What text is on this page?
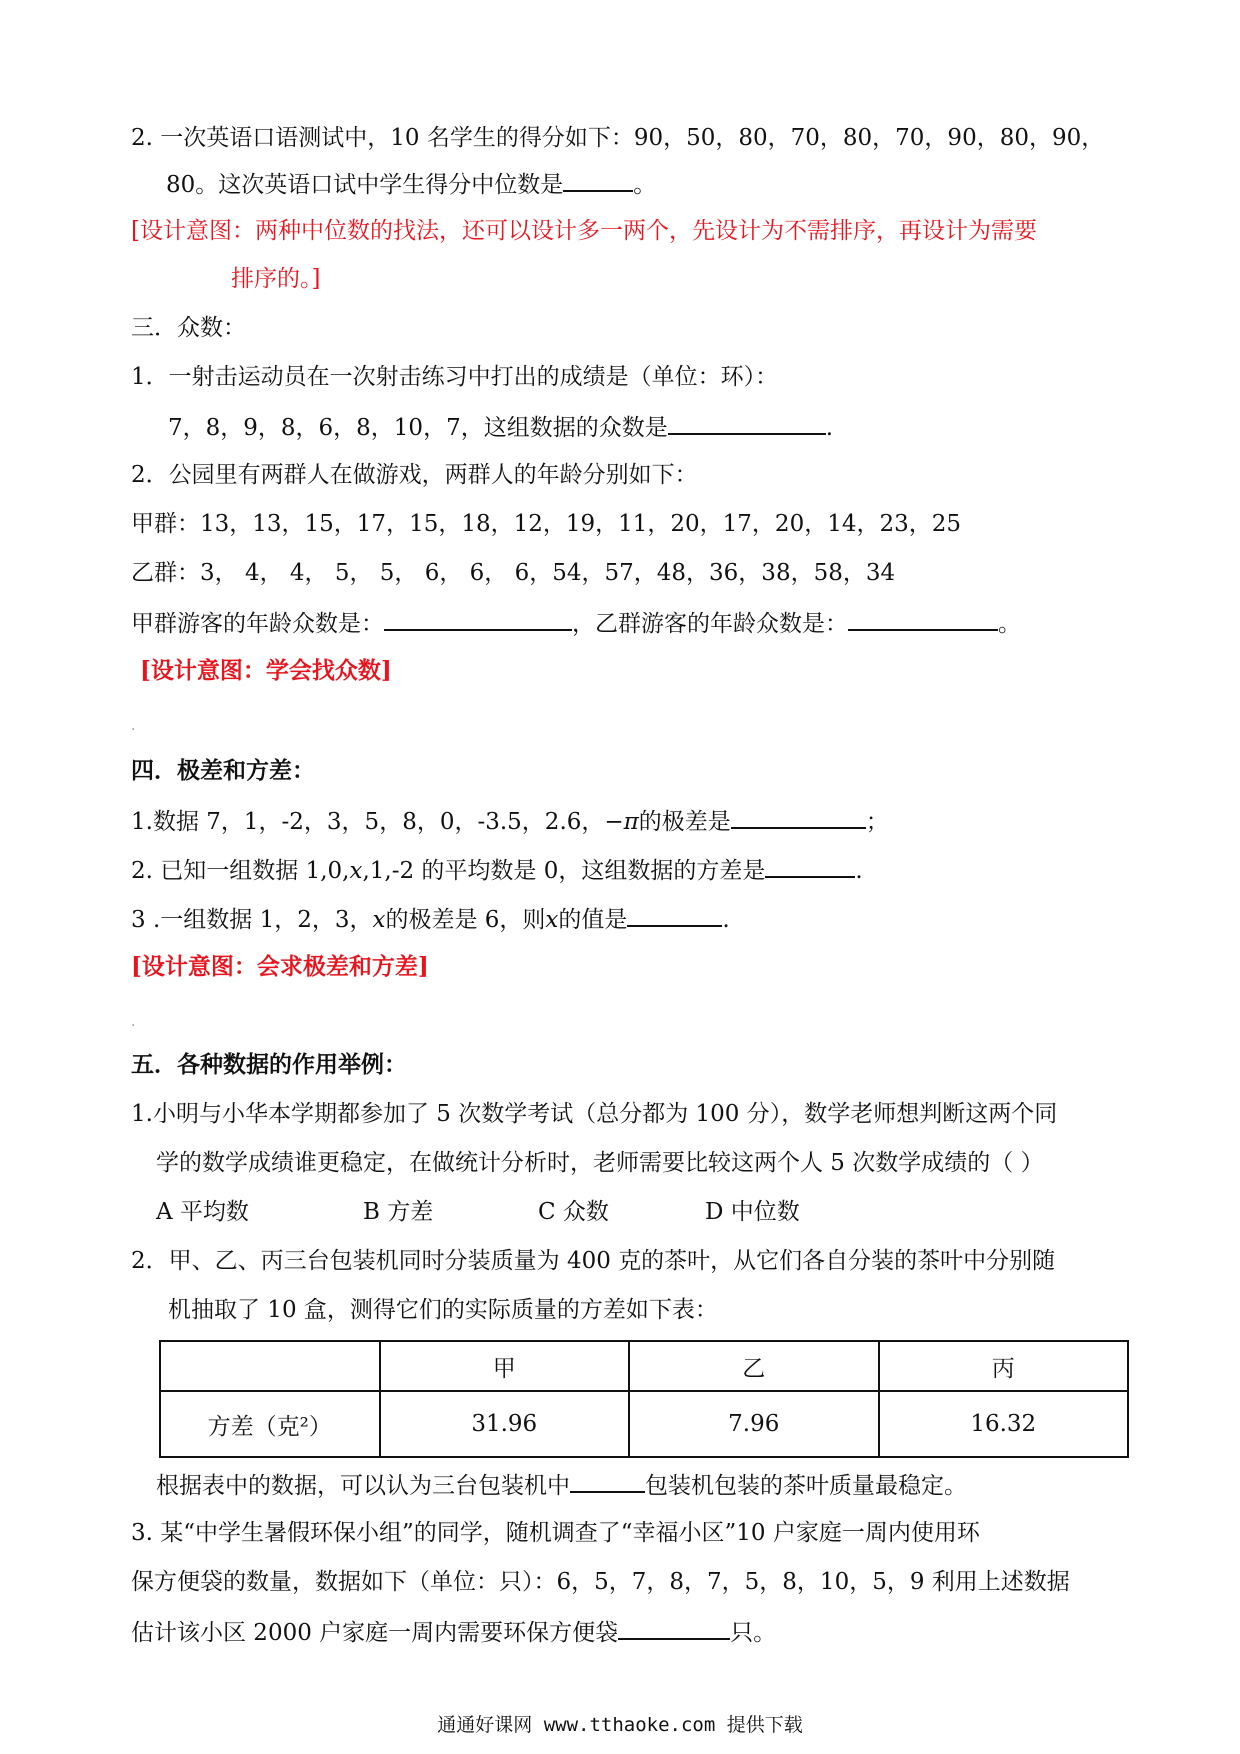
2. 一次英语口语测试中，10 名学生的得分如下：90，50，80，70，80，70，90，80，90，
80。这次英语口试中学生得分中位数是	。
[设计意图：两种中位数的找法，还可以设计多一两个，先设计为不需排序，再设计为需要
排序的。]
三．众数：
1．一射击运动员在一次射击练习中打出的成绩是（单位：环）：
7，8，9，8，6，8，10，7，这组数据的众数是	.
2．公园里有两群人在做游戏，两群人的年龄分别如下：
甲群：13，13，15，17，15，18，12，19，11，20，17，20，14，23，25
乙群：3， 4， 4， 5， 5， 6， 6， 6，54，57，48，36，38，58，34
甲群游客的年龄众数是：	，乙群游客的年龄众数是：	。
[设计意图：学会找众数]
.
四．极差和方差：
1.数据 7，1，-2，3，5，8，0，-3.5，2.6，−π的极差是	；
2. 已知一组数据 1,0,x,1,-2 的平均数是 0，这组数据的方差是	.
3 .一组数据 1，2，3，x的极差是 6，则x的值是	.
[设计意图：会求极差和方差]
.
五．各种数据的作用举例：
1.小明与小华本学期都参加了 5 次数学考试（总分都为 100 分），数学老师想判断这两个同
学的数学成绩谁更稳定，在做统计分析时，老师需要比较这两个人 5 次数学成绩的（ ）
A 平均数	B 方差	C 众数	D 中位数
2．甲、乙、丙三台包装机同时分装质量为 400 克的茶叶，从它们各自分装的茶叶中分别随
机抽取了 10 盒，测得它们的实际质量的方差如下表：
	甲	乙	丙
方差（克²）	31.96	7.96	16.32
根据表中的数据，可以认为三台包装机中	包装机包装的茶叶质量最稳定。
3. 某“中学生暑假环保小组”的同学，随机调查了“幸福小区”10 户家庭一周内使用环
保方便袋的数量，数据如下（单位：只）：6，5，7，8，7，5，8，10，5，9 利用上述数据
估计该小区 2000 户家庭一周内需要环保方便袋	只。
通通好课网 www.tthaoke.com 提供下载
